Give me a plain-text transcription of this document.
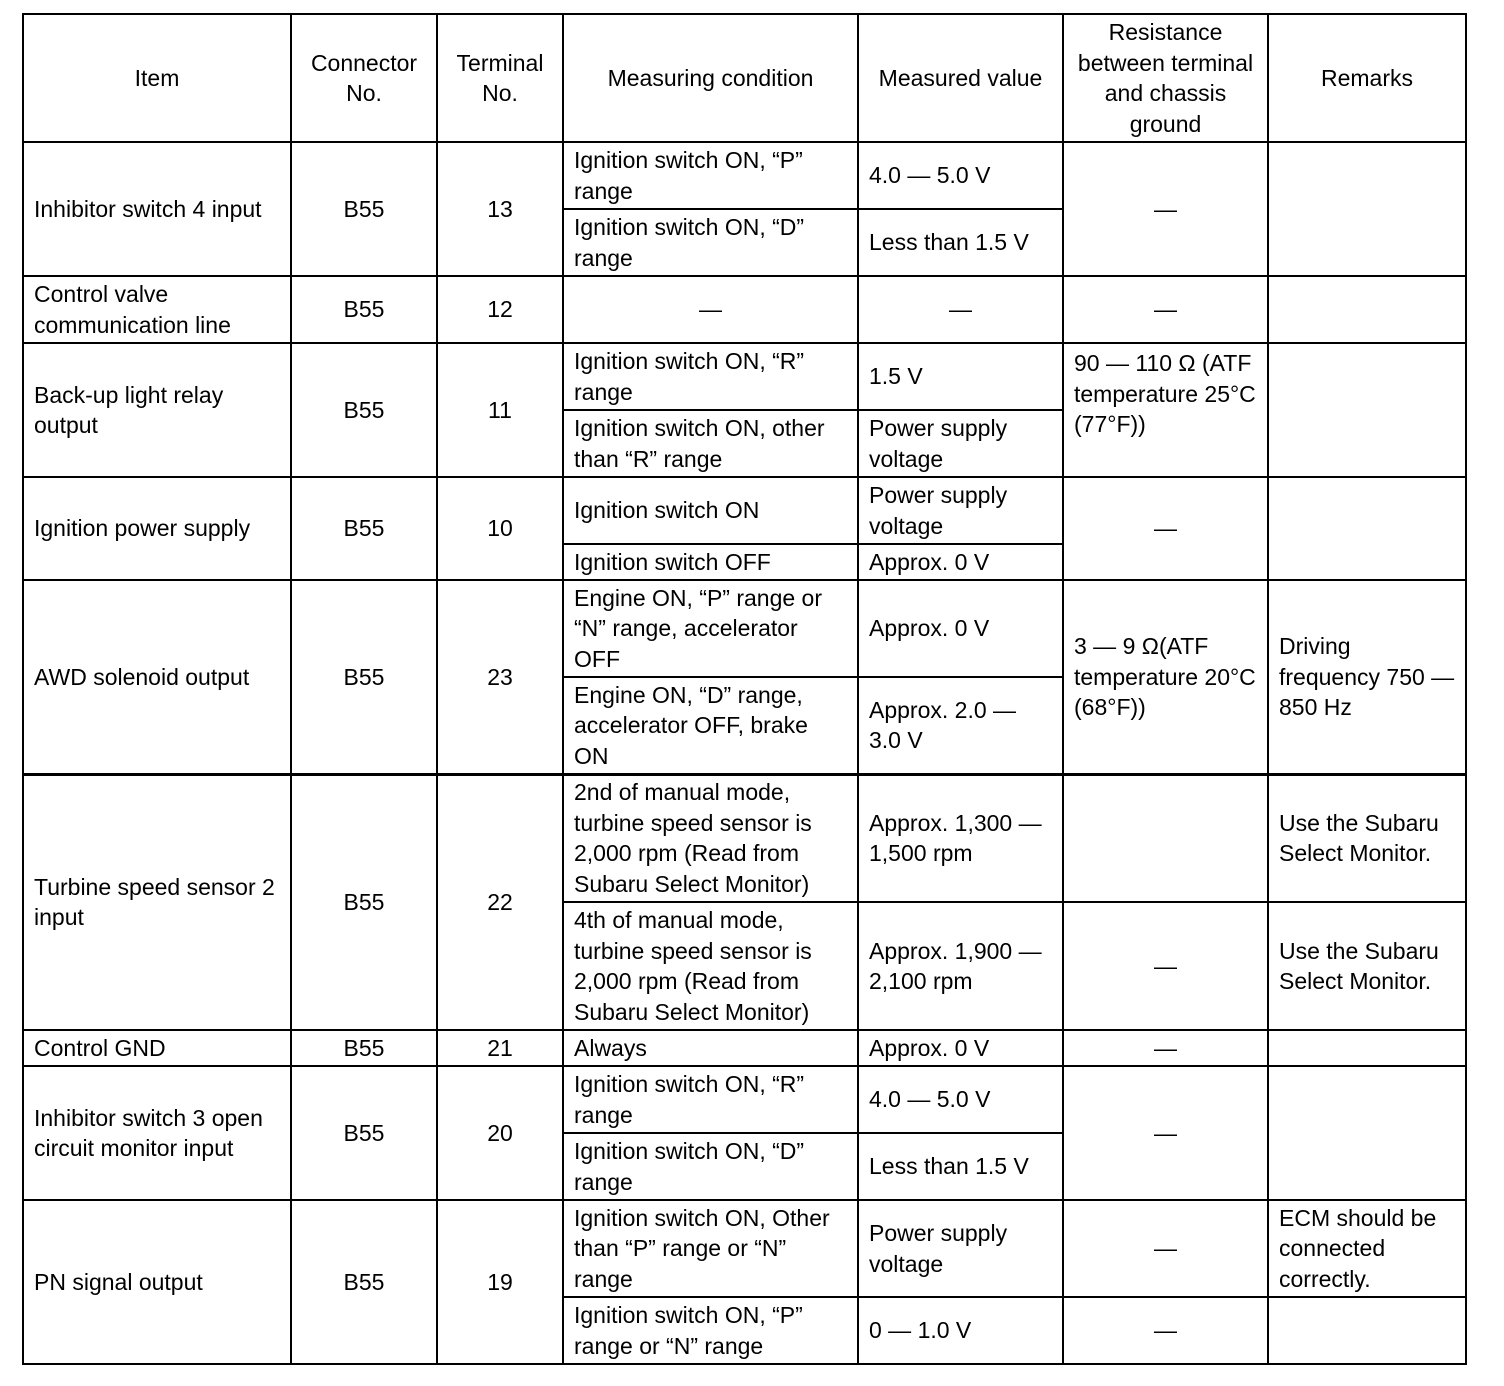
Item	Connector No.	Terminal No.	Measuring condition	Measured value	Resistance between terminal and chassis ground	Remarks
Inhibitor switch 4 input	B55	13	Ignition switch ON, “P” range	4.0 — 5.0 V	—	
			Ignition switch ON, “D” range	Less than 1.5 V		
Control valve communication line	B55	12	—	—	—	
Back-up light relay output	B55	11	Ignition switch ON, “R” range	1.5 V	90 — 110 Ω (ATF temperature 25°C (77°F))	
			Ignition switch ON, other than “R” range	Power supply voltage		
Ignition power supply	B55	10	Ignition switch ON	Power supply voltage	—	
			Ignition switch OFF	Approx. 0 V		
AWD solenoid output	B55	23	Engine ON, “P” range or “N” range, accelerator OFF	Approx. 0 V	3 — 9 Ω(ATF temperature 20°C (68°F))	Driving frequency 750 — 850 Hz
			Engine ON, “D” range, accelerator OFF, brake ON	Approx. 2.0 — 3.0 V		
Turbine speed sensor 2 input	B55	22	2nd of manual mode, turbine speed sensor is 2,000 rpm (Read from Subaru Select Monitor)	Approx. 1,300 — 1,500 rpm		Use the Subaru Select Monitor.
			4th of manual mode, turbine speed sensor is 2,000 rpm (Read from Subaru Select Monitor)	Approx. 1,900 — 2,100 rpm	—	Use the Subaru Select Monitor.
Control GND	B55	21	Always	Approx. 0 V	—	
Inhibitor switch 3 open circuit monitor input	B55	20	Ignition switch ON, “R” range	4.0 — 5.0 V	—	
			Ignition switch ON, “D” range	Less than 1.5 V		
PN signal output	B55	19	Ignition switch ON, Other than “P” range or “N” range	Power supply voltage	—	ECM should be connected correctly.
			Ignition switch ON, “P” range or “N” range	0 — 1.0 V	—	
